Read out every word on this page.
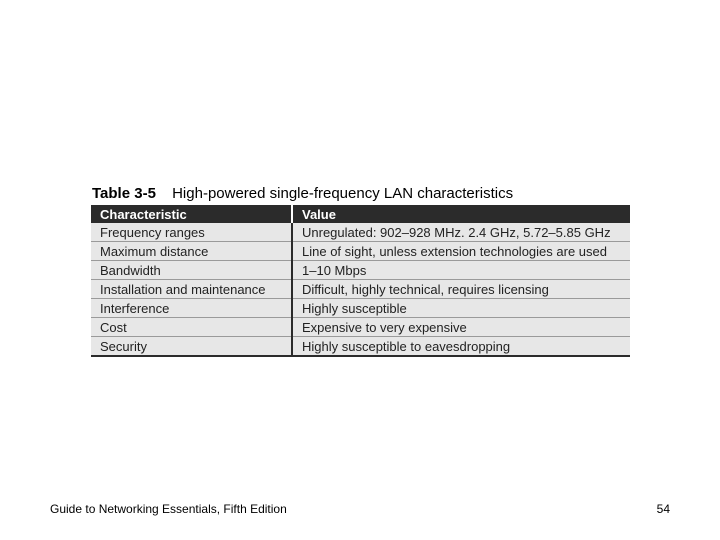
Table 3-5 High-powered single-frequency LAN characteristics
Characteristic	Value
Frequency ranges	Unregulated: 902–928 MHz. 2.4 GHz, 5.72–5.85 GHz
Maximum distance	Line of sight, unless extension technologies are used
Bandwidth	1–10 Mbps
Installation and maintenance	Difficult, highly technical, requires licensing
Interference	Highly susceptible
Cost	Expensive to very expensive
Security	Highly susceptible to eavesdropping
Guide to Networking Essentials, Fifth Edition	54
